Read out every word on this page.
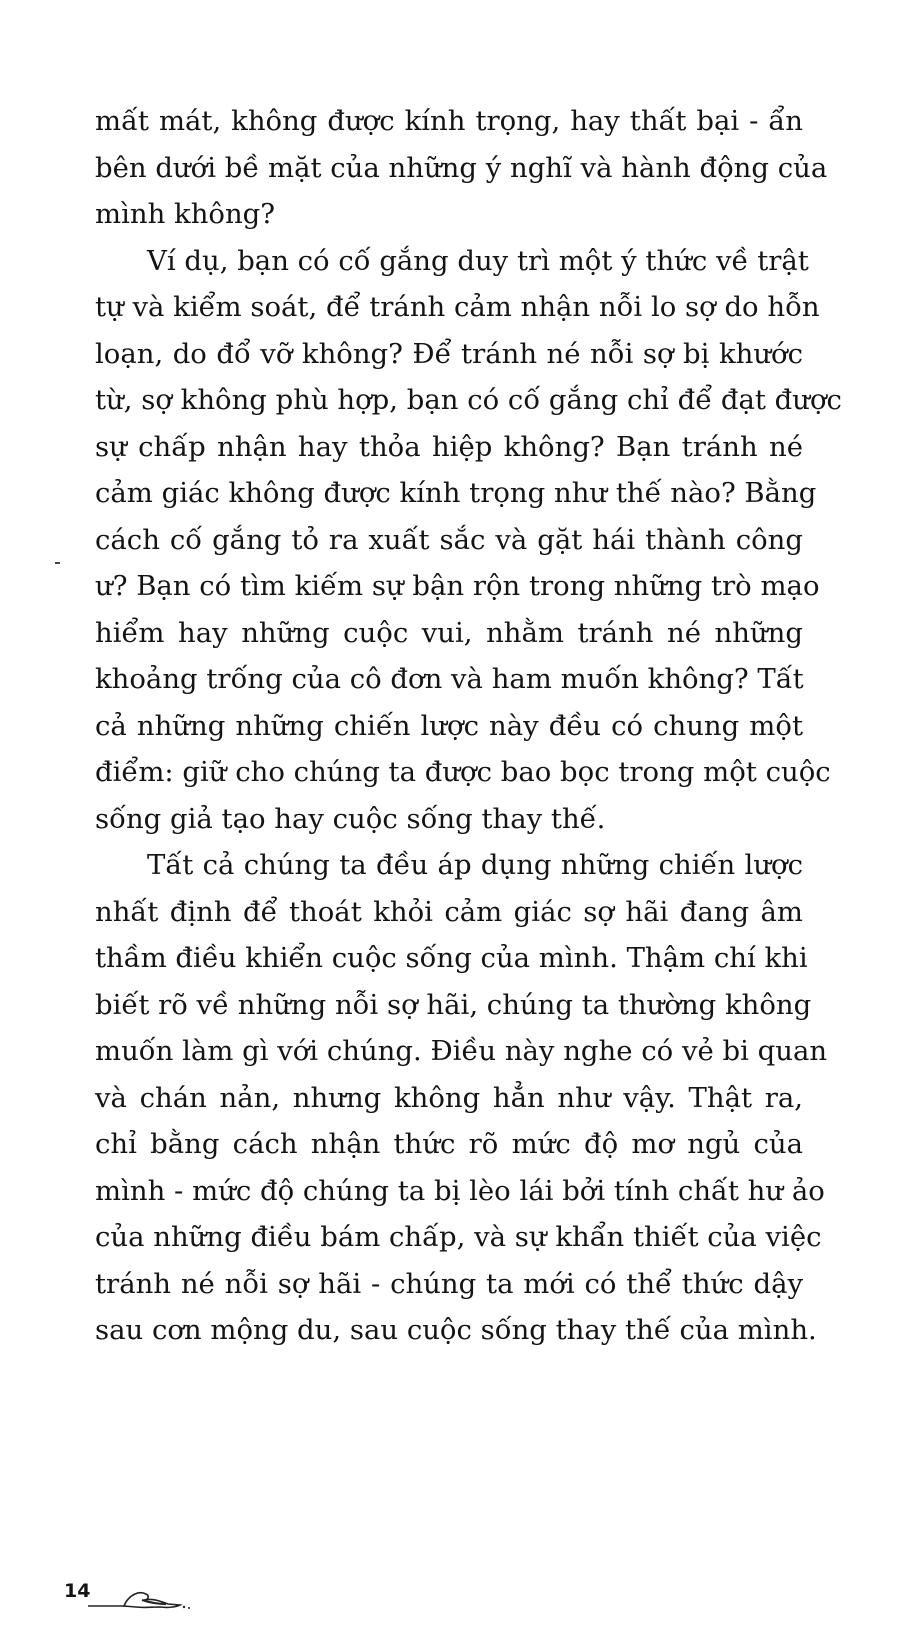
mất mát, không được kính trọng, hay thất bại - ẩn
bên dưới bề mặt của những ý nghĩ và hành động của
mình không?
Ví dụ, bạn có cố gắng duy trì một ý thức về trật
tự và kiểm soát, để tránh cảm nhận nỗi lo sợ do hỗn
loạn, do đổ vỡ không? Để tránh né nỗi sợ bị khước
từ, sợ không phù hợp, bạn có cố gắng chỉ để đạt được
sự chấp nhận hay thỏa hiệp không? Bạn tránh né
cảm giác không được kính trọng như thế nào? Bằng
cách cố gắng tỏ ra xuất sắc và gặt hái thành công
ư? Bạn có tìm kiếm sự bận rộn trong những trò mạo
hiểm hay những cuộc vui, nhằm tránh né những
khoảng trống của cô đơn và ham muốn không? Tất
cả những những chiến lược này đều có chung một
điểm: giữ cho chúng ta được bao bọc trong một cuộc
sống giả tạo hay cuộc sống thay thế.
Tất cả chúng ta đều áp dụng những chiến lược
nhất định để thoát khỏi cảm giác sợ hãi đang âm
thầm điều khiển cuộc sống của mình. Thậm chí khi
biết rõ về những nỗi sợ hãi, chúng ta thường không
muốn làm gì với chúng. Điều này nghe có vẻ bi quan
và chán nản, nhưng không hẳn như vậy. Thật ra,
chỉ bằng cách nhận thức rõ mức độ mơ ngủ của
mình - mức độ chúng ta bị lèo lái bởi tính chất hư ảo
của những điều bám chấp, và sự khẩn thiết của việc
tránh né nỗi sợ hãi - chúng ta mới có thể thức dậy
sau cơn mộng du, sau cuộc sống thay thế của mình.
14
